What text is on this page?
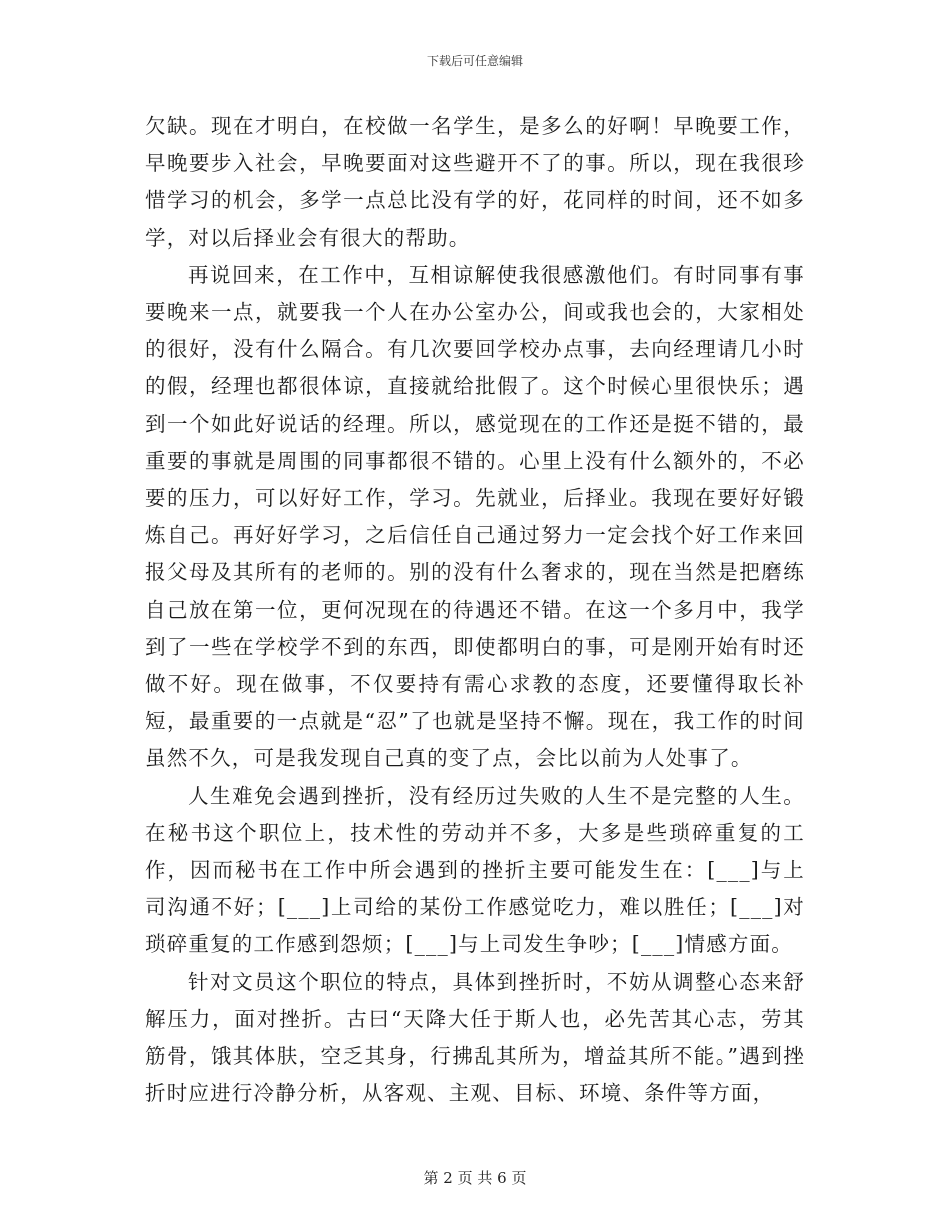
下载后可任意编辑

欠缺。现在才明白，在校做一名学生，是多么的好啊！早晚要工作，早晚要步入社会，早晚要面对这些避开不了的事。所以，现在我很珍惜学习的机会，多学一点总比没有学的好，花同样的时间，还不如多学，对以后择业会有很大的帮助。

再说回来，在工作中，互相谅解使我很感激他们。有时同事有事要晚来一点，就要我一个人在办公室办公，间或我也会的，大家相处的很好，没有什么隔合。有几次要回学校办点事，去向经理请几小时的假，经理也都很体谅，直接就给批假了。这个时候心里很快乐；遇到一个如此好说话的经理。所以，感觉现在的工作还是挺不错的，最重要的事就是周围的同事都很不错的。心里上没有什么额外的，不必要的压力，可以好好工作，学习。先就业，后择业。我现在要好好锻炼自己。再好好学习，之后信任自己通过努力一定会找个好工作来回报父母及其所有的老师的。别的没有什么奢求的，现在当然是把磨练自己放在第一位，更何况现在的待遇还不错。在这一个多月中，我学到了一些在学校学不到的东西，即使都明白的事，可是刚开始有时还做不好。现在做事，不仅要持有需心求教的态度，还要懂得取长补短，最重要的一点就是“忍”了也就是坚持不懈。现在，我工作的时间虽然不久，可是我发现自己真的变了点，会比以前为人处事了。

人生难免会遇到挫折，没有经历过失败的人生不是完整的人生。在秘书这个职位上，技术性的劳动并不多，大多是些琐碎重复的工作，因而秘书在工作中所会遇到的挫折主要可能发生在：[___]与上司沟通不好；[___]上司给的某份工作感觉吃力，难以胜任；[___]对琐碎重复的工作感到怨烦；[___]与上司发生争吵；[___]情感方面。

针对文员这个职位的特点，具体到挫折时，不妨从调整心态来舒解压力，面对挫折。古曰“天降大任于斯人也，必先苦其心志，劳其筋骨，饿其体肤，空乏其身，行拂乱其所为，增益其所不能。”遇到挫折时应进行冷静分析，从客观、主观、目标、环境、条件等方面，

第 2 页 共 6 页
